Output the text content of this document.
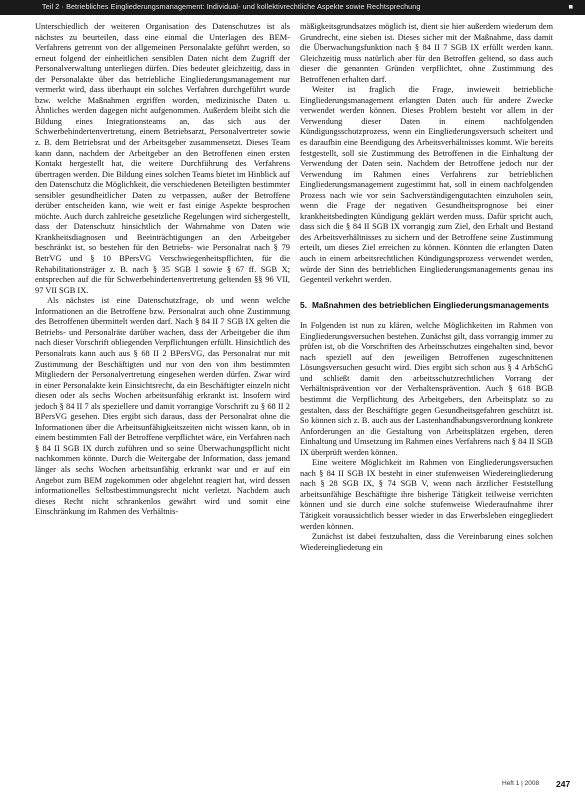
Teil 2 · Betriebliches Eingliederungsmanagement: Individual- und kollektivrechtliche Aspekte sowie Rechtsprechung	■

Unterschiedlich der weiteren Organisation des Datenschutzes ist als nächstes zu beurteilen, dass eine einmal die Unterlagen des BEM-Verfahrens getrennt von der allgemeinen Personalakte geführt werden, so erneut folgend der einheitlichen sensiblen Daten nicht dem Zugriff der Personalverwaltung unterliegen dürfen. Dies bedeutet gleichzeitig, dass in der Personalakte über das betriebliche Eingliederungsmanagement nur vermerkt wird, dass überhaupt ein solches Verfahren durchgeführt wurde bzw. welche Maßnahmen ergriffen worden, medizinische Daten u. Ähnliches werden dagegen nicht aufgenommen. Außerdem bleibt sich die Bildung eines Integrationsteams an, das sich aus der Schwerbehindertenvertretung, einem Betriebsarzt, Personalvertreter sowie z. B. dem Betriebsrat und der Arbeitsgeber zusammensetzt. Dieses Team kann dann, nachdem der Arbeitgeber an den Betroffenen einen ersten Kontakt hergestellt hat, die weitere Durchführung des Verfahrens übertragen werden. Die Bildung eines solchen Teams bietet im Hinblick auf den Datenschutz die Möglichkeit, die verschiedenen Beteiligten bestimmter sensibler gesundheitlicher Daten zu verpassen, außer der Betroffene derüber entscheiden kann, wie weit er fast einige Aspekte besprochen möchte. Auch durch zahlreiche gesetzliche Regelungen wird sichergestellt, dass der Datenschutz hinsichtlich der Wahrnahme von Daten wie Krankheitsdiagnosen und Beeinträchtigungen an den Arbeitgeber beschränkt ist, so bestehen für den Betriebs- wie Personalrat nach § 79 BetrVG und § 10 BPersVG Verschwiegenheitspflichten, für die Rehabilitationsträger z. B. nach § 35 SGB I sowie § 67 ff. SGB X; entsprechen auf die für Schwerbehindertenvertretung geltenden §§ 96 VII, 97 VII SGB IX.

Als nächstes ist eine Datenschutzfrage, ob und wenn welche Informationen an die Betroffene bzw. Personalrat auch ohne Zustimmung des Betroffenen übermittelt werden darf. Nach § 84 II 7 SGB IX gelten die Betriebs- und Personalräte darüber wachen, dass der Arbeitgeber die ihm nach dieser Vorschrift obliegenden Verpflichtungen erfüllt. Hinsichtlich des Personalrats kann auch aus § 68 II 2 BPersVG, das Personalrat nur mit Zustimmung der Beschäftigten und nur von den von ihm bestimmten Mitgliedern der Personalvertretung eingesehen werden dürfen. Zwar wird in einer Personalakte kein Einsichtsrecht, da ein Beschäftigter einzeln nicht diesen oder als sechs Wochen arbeitsunfähig erkrankt ist. Insofern wird jedoch § 84 II 7 als speziellere und damit vorrangige Vorschrift zu § 68 II 2 BPersVG gesehen. Dies ergibt sich daraus, dass der Personalrat ohne die Informationen über die Arbeitsunfähigkeitszeiten nicht wissen kann, ob in einem bestimmten Fall der Betroffene verpflichtet wäre, ein Verfahren nach § 84 II SGB IX durch zuführen und so seine Überwachungspflicht nicht nachkommen könnte. Durch die Weitergabe der Information, dass jemand länger als sechs Wochen arbeitsunfähig erkrankt war und er auf ein Angebot zum BEM zugekommen oder abgelehnt reagiert hat, wird dessen informationelles Selbstbestimmungsrecht nicht verletzt. Nachdem auch dieses Recht nicht schrankenlos gewährt wird und somit eine Einschränkung im Rahmen des Verhältnis-

mäßigkeitsgrundsatzes möglich ist, dient sie hier außerdem wiederum dem Grundrecht, eine sieben ist. Dieses sicher mit der Maßnahme, dass damit die Überwachungsfunktion nach § 84 II 7 SGB IX erfüllt werden kann. Gleichzeitig muss natürlich aber für den Betroffen geltend, so dass auch dieser die genannten Gründen verpflichtet, ohne Zustimmung des Betroffenen erhalten darf.

Weiter ist fraglich die Frage, inwieweit betriebliche Eingliederungsmanagement erlangten Daten auch für andere Zwecke verwendet werden können. Dieses Problem besteht vor allem in der Verwendung dieser Daten in einem nachfolgenden Kündigungsschutzprozess, wenn ein Eingliederungsversuch scheitert und es daraufhin eine Beendigung des Arbeitsverhältnisses kommt. Wie bereits festgestellt, soll sie Zustimmung des Betroffenen in die Einhaltung der Verwendung der Daten sein. Nachdem der Betroffene jedoch nur der Verwendung im Rahmen eines Verfahrens zur betrieblichen Eingliederungsmanagement zugestimmt hat, soll in einem nachfolgenden Prozess nach wie vor sein Sachverständigengutachten einzuholen sein, wenn die Frage der negativen Gesundheitsprognose bei einer krankheitsbedingten Kündigung geklärt werden muss. Dafür spricht auch, dass sich die § 84 II SGB IX vorrangig zum Ziel, den Erhalt und Bestand des Arbeitsverhältnisses zu sichern und der Betroffene seine Zustimmung erteilt, um dieses Ziel erreichen zu können. Könnten die erlangten Daten auch in einem arbeitsrechtlichen Kündigungsprozess verwendet werden, würde der Sinn des betrieblichen Eingliederungsmanagements genau ins Gegenteil verkehrt werden.

5. Maßnahmen des betrieblichen Eingliederungsmanagements

In Folgenden ist nun zu klären, welche Möglichkeiten im Rahmen von Eingliederungsversuchen bestehen. Zunächst gilt, dass vorrangig immer zu prüfen ist, ob die Vorschriften des Arbeitsschutzes eingehalten sind, bevor nach speziell auf den jeweiligen Betroffenen zugeschnittenen Lösungsversuchen gesucht wird. Dies ergibt sich schon aus § 4 ArbSchG und schließt damit den arbeitsschutzrechtlichen Vorrang der Verhältnisprävention vor der Verhaltensprävention. Auch § 618 BGB bestimmt die Verpflichtung des Arbeitgebers, den Arbeitsplatz so zu gestalten, dass der Beschäftigte gegen Gesundheitsgefahren geschützt ist. So können sich z. B. auch aus der Lastenhandhabungsverordnung konkrete Anforderungen an die Gestaltung von Arbeitsplätzen ergeben, deren Einhaltung und Umsetzung im Rahmen eines Verfahrens nach § 84 II SGB IX überprüft werden können.

Eine weitere Möglichkeit im Rahmen von Eingliederungsversuchen nach § 84 II SGB IX besteht in einer stufenweisen Wiedereingliederung nach § 28 SGB IX, § 74 SGB V, wenn nach ärztlicher Feststellung arbeitsunfähige Beschäftigte ihre bisherige Tätigkeit teilweise verrichten können und sie durch eine solche stufenweise Wiederaufnahme ihrer Tätigkeit voraussichtlich besser wieder in das Erwerbsleben eingegliedert werden können.

Zunächst ist dabei festzuhalten, dass die Vereinbarung eines solchen Wiedereingliederung ein

Heft 1 | 2008 247
